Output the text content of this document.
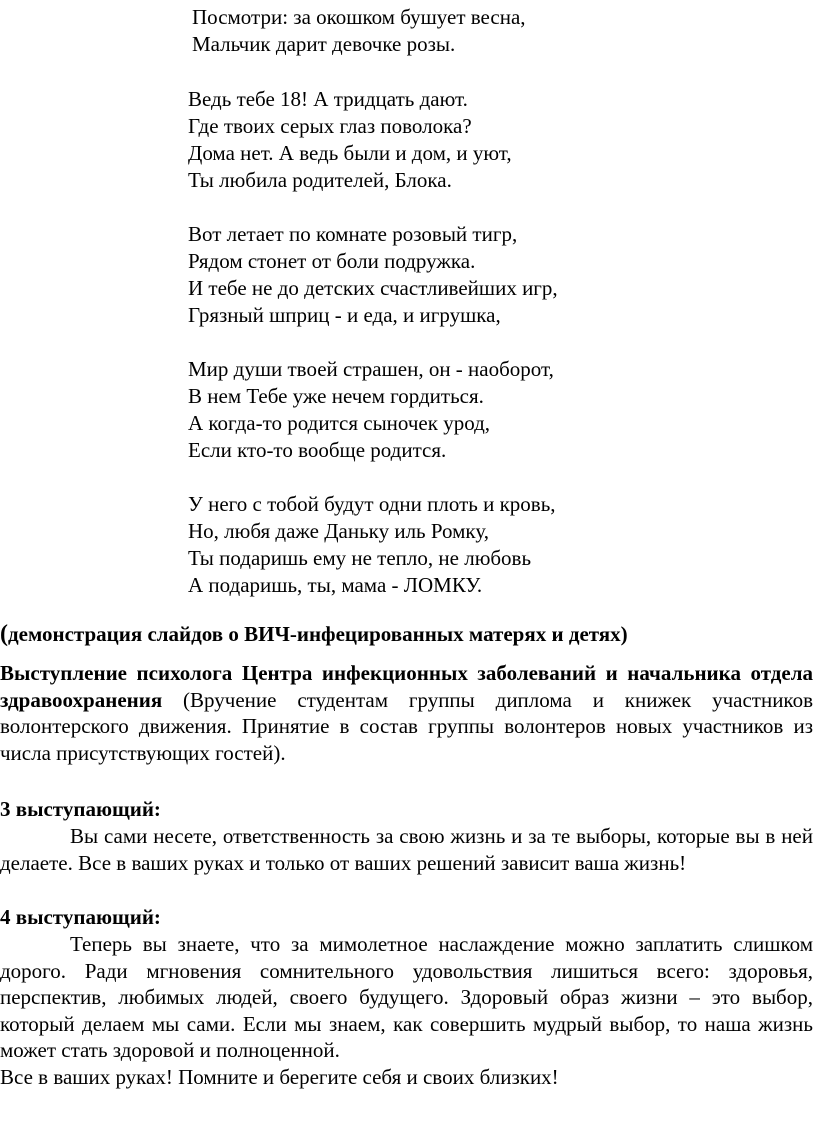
Посмотри: за окошком бушует весна,
Мальчик дарит девочке розы.
Ведь тебе 18! А тридцать дают.
Где твоих серых глаз поволока?
Дома нет. А ведь были и дом, и уют,
Ты любила родителей, Блока.
Вот летает по комнате розовый тигр,
Рядом стонет от боли подружка.
И тебе не до детских счастливейших игр,
Грязный шприц - и еда, и игрушка,
Мир души твоей страшен, он - наоборот,
В нем Тебе уже нечем гордиться.
А когда-то родится сыночек урод,
Если кто-то вообще родится.
У него с тобой будут одни плоть и кровь,
Но, любя даже Даньку иль Ромку,
Ты подаришь ему не тепло, не любовь
А подаришь, ты, мама - ЛОМКУ.
(демонстрация слайдов о ВИЧ-инфецированных матерях и детях)
Выступление психолога Центра инфекционных заболеваний и начальника отдела здравоохранения (Вручение студентам группы диплома и книжек участников волонтерского движения. Принятие в состав группы волонтеров новых участников из числа присутствующих гостей).
3 выступающий:
Вы сами несете, ответственность за свою жизнь и за те выборы, которые вы в ней делаете. Все в ваших руках и только от ваших решений зависит ваша жизнь!
4 выступающий:
Теперь вы знаете, что за мимолетное наслаждение можно заплатить слишком дорого. Ради мгновения сомнительного удовольствия лишиться всего: здоровья, перспектив, любимых людей, своего будущего. Здоровый образ жизни – это выбор, который делаем мы сами. Если мы знаем, как совершить мудрый выбор, то наша жизнь может стать здоровой и полноценной.
Все в ваших руках! Помните и берегите себя и своих близких!
